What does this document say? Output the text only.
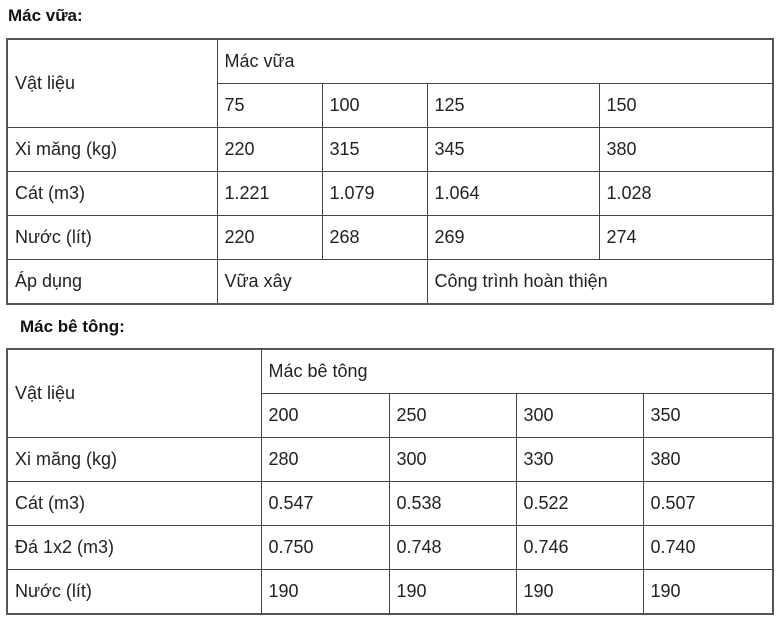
Mác vữa:
Vật liệu	Mác vữa			
	75	100	125	150
Xi măng (kg)	220	315	345	380
Cát (m3)	1.221	1.079	1.064	1.028
Nước (lít)	220	268	269	274
Áp dụng	Vữa xây		Công trình hoàn thiện	
Mác bê tông:
Vật liệu	Mác bê tông			
	200	250	300	350
Xi măng (kg)	280	300	330	380
Cát (m3)	0.547	0.538	0.522	0.507
Đá 1x2 (m3)	0.750	0.748	0.746	0.740
Nước (lít)	190	190	190	190
